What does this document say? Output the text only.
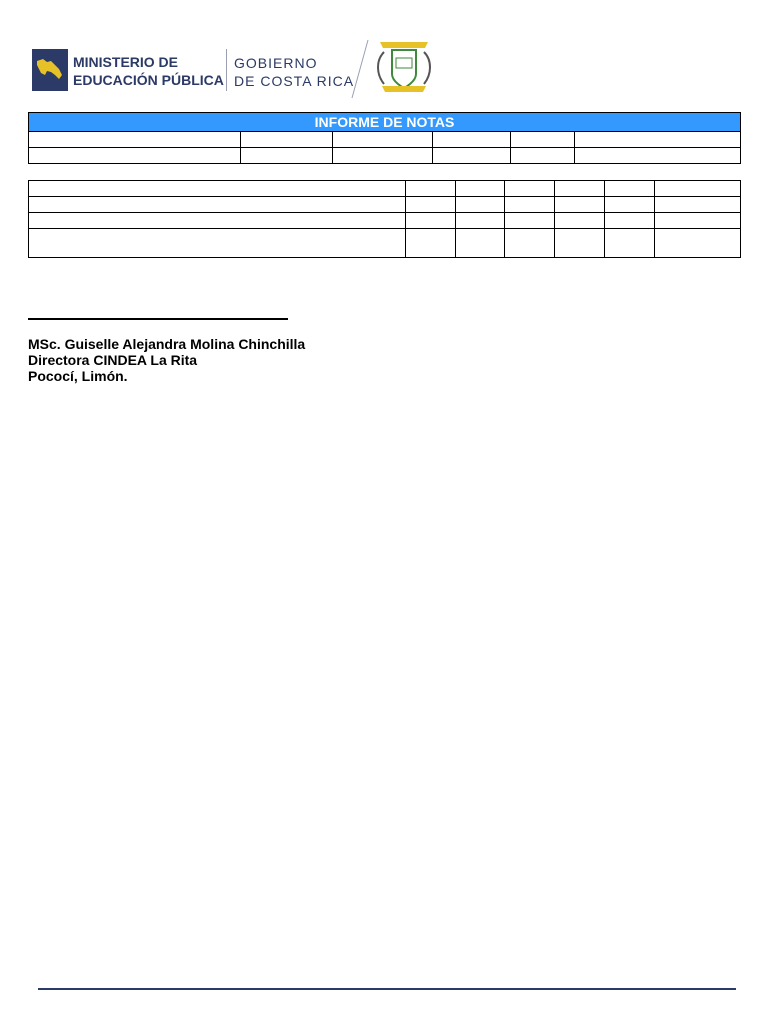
MINISTERIO DE
EDUCACIÓN PÚBLICA
GOBIERNO
DE COSTA RICA
INFORME DE NOTAS					

MSc. Guiselle Alejandra Molina Chinchilla
Directora CINDEA La Rita
Pococí, Limón.
